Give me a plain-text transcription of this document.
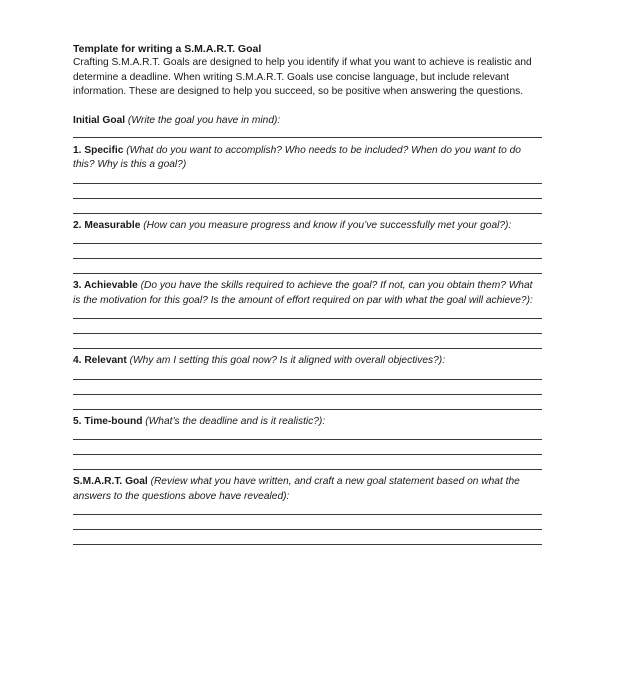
Template for writing a S.M.A.R.T. Goal

Crafting S.M.A.R.T. Goals are designed to help you identify if what you want to achieve is realistic and determine a deadline. When writing S.M.A.R.T. Goals use concise language, but include relevant information. These are designed to help you succeed, so be positive when answering the questions.

Initial Goal (Write the goal you have in mind):
1. Specific (What do you want to accomplish? Who needs to be included? When do you want to do this? Why is this a goal?)
2. Measurable (How can you measure progress and know if you’ve successfully met your goal?):
3. Achievable (Do you have the skills required to achieve the goal? If not, can you obtain them? What is the motivation for this goal? Is the amount of effort required on par with what the goal will achieve?):
4. Relevant (Why am I setting this goal now? Is it aligned with overall objectives?):
5. Time-bound (What’s the deadline and is it realistic?):
S.M.A.R.T. Goal (Review what you have written, and craft a new goal statement based on what the answers to the questions above have revealed):
